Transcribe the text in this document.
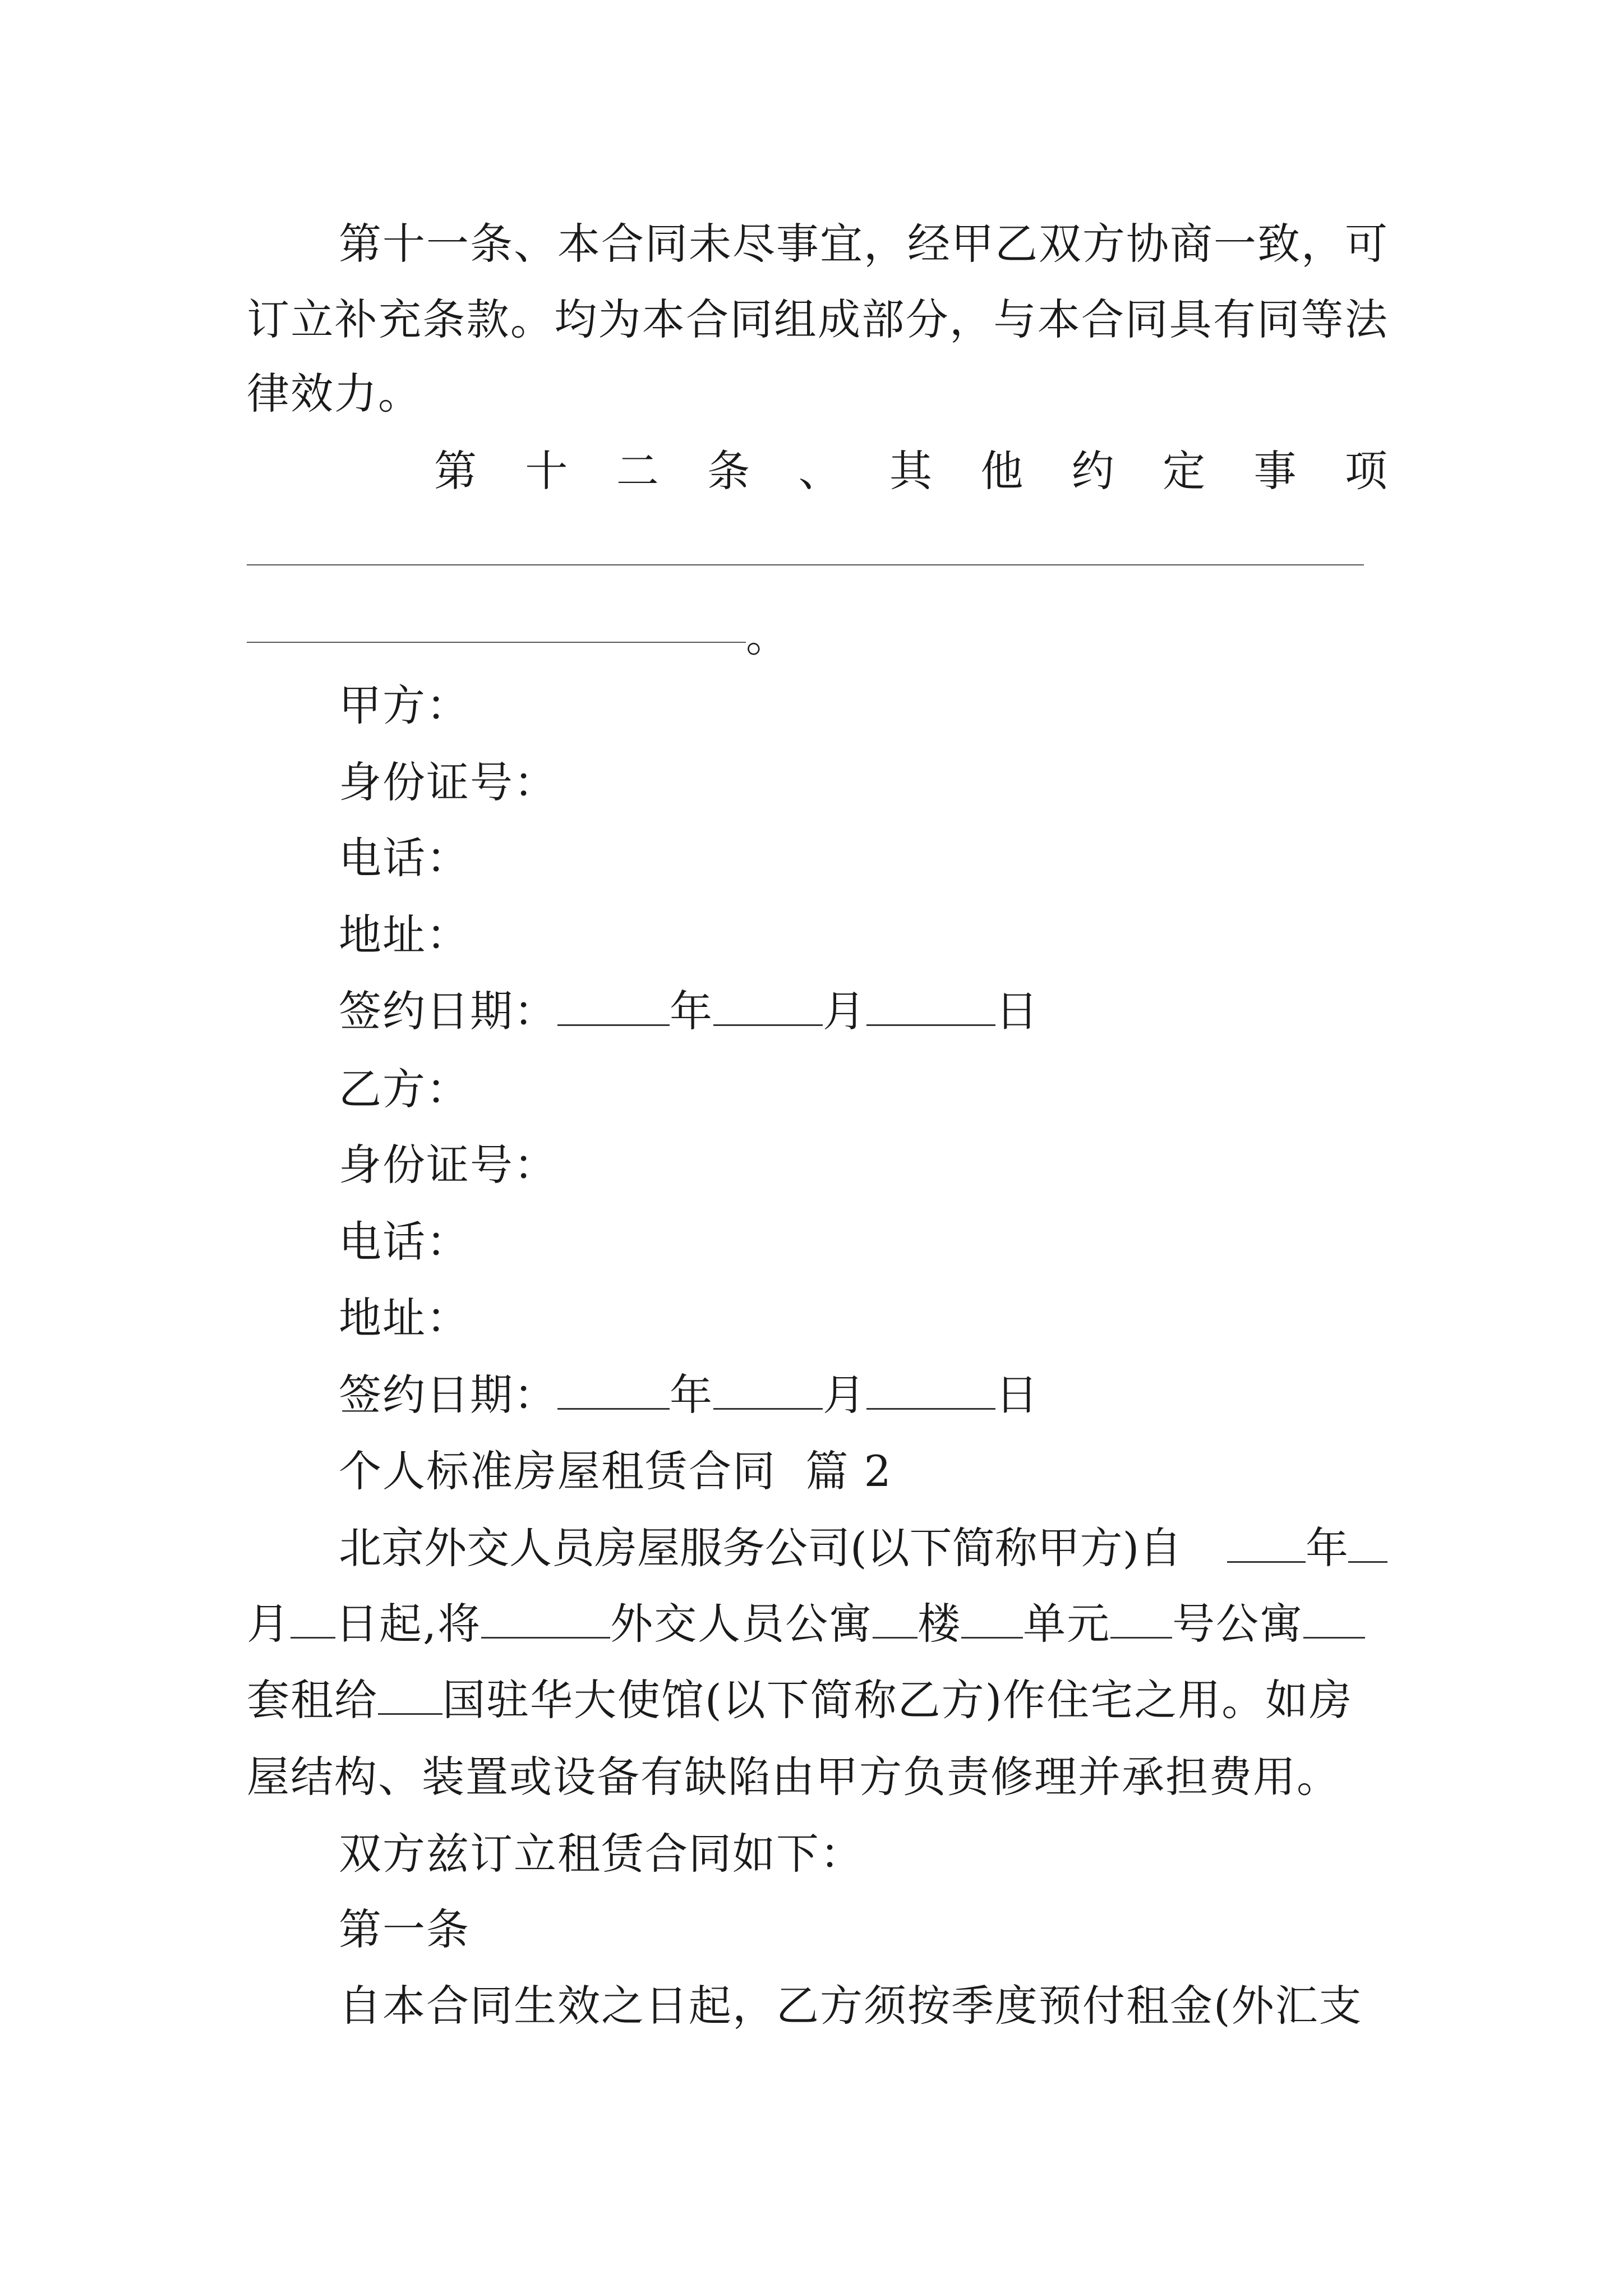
第 十 一 条 、 本 合 同 未 尽 事 宜 ， 经 甲 乙 双 方 协 商 一 致 ， 可
订 立 补 充 条 款 。 均 为 本 合 同 组 成 部 分 ， 与 本 合 同 具 有 同 等 法
律效力。
第 十 二 条 、 其 他 约 定 事 项
。
甲方：
身份证号：
电话：
地址：
签约日期：	年	月	日
乙方：
身份证号：
电话：
地址：
签约日期：	年	月	日
个人标准房屋租赁合同  篇 2
北京外交人员房屋服务公司(以下简称甲方)自	年
月 日起,将	外交人员公寓 楼 单元 号公寓
套租给 国驻华大使馆(以下简称乙方)作住宅之用。如房
屋结构、装置或设备有缺陷由甲方负责修理并承担费用。
双方兹订立租赁合同如下：
第一条
自本合同生效之日起，乙方须按季度预付租金(外汇支
